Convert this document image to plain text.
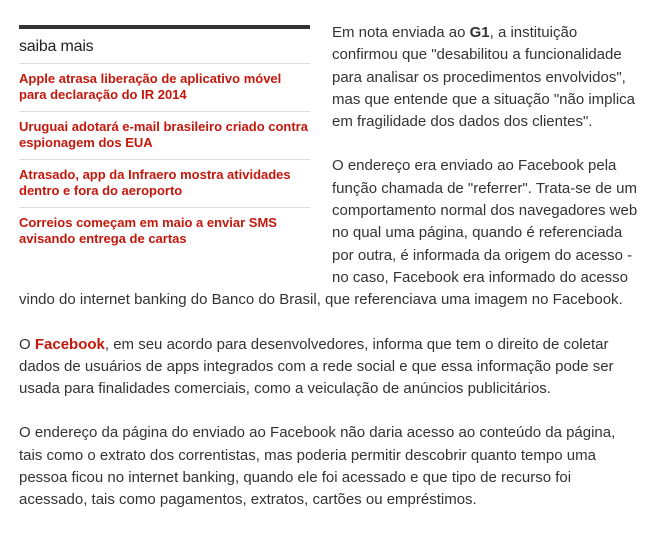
saiba mais
Apple atrasa liberação de aplicativo móvel para declaração do IR 2014
Uruguai adotará e-mail brasileiro criado contra espionagem dos EUA
Atrasado, app da Infraero mostra atividades dentro e fora do aeroporto
Correios começam em maio a enviar SMS avisando entrega de cartas

Em nota enviada ao G1, a instituição confirmou que "desabilitou a funcionalidade para analisar os procedimentos envolvidos", mas que entende que a situação "não implica em fragilidade dos dados dos clientes".

O endereço era enviado ao Facebook pela função chamada de "referrer". Trata-se de um comportamento normal dos navegadores web no qual uma página, quando é referenciada por outra, é informada da origem do acesso - no caso, Facebook era informado do acesso vindo do internet banking do Banco do Brasil, que referenciava uma imagem no Facebook.

O Facebook, em seu acordo para desenvolvedores, informa que tem o direito de coletar dados de usuários de apps integrados com a rede social e que essa informação pode ser usada para finalidades comerciais, como a veiculação de anúncios publicitários.

O endereço da página do enviado ao Facebook não daria acesso ao conteúdo da página, tais como o extrato dos correntistas, mas poderia permitir descobrir quanto tempo uma pessoa ficou no internet banking, quando ele foi acessado e que tipo de recurso foi acessado, tais como pagamentos, extratos, cartões ou empréstimos.
